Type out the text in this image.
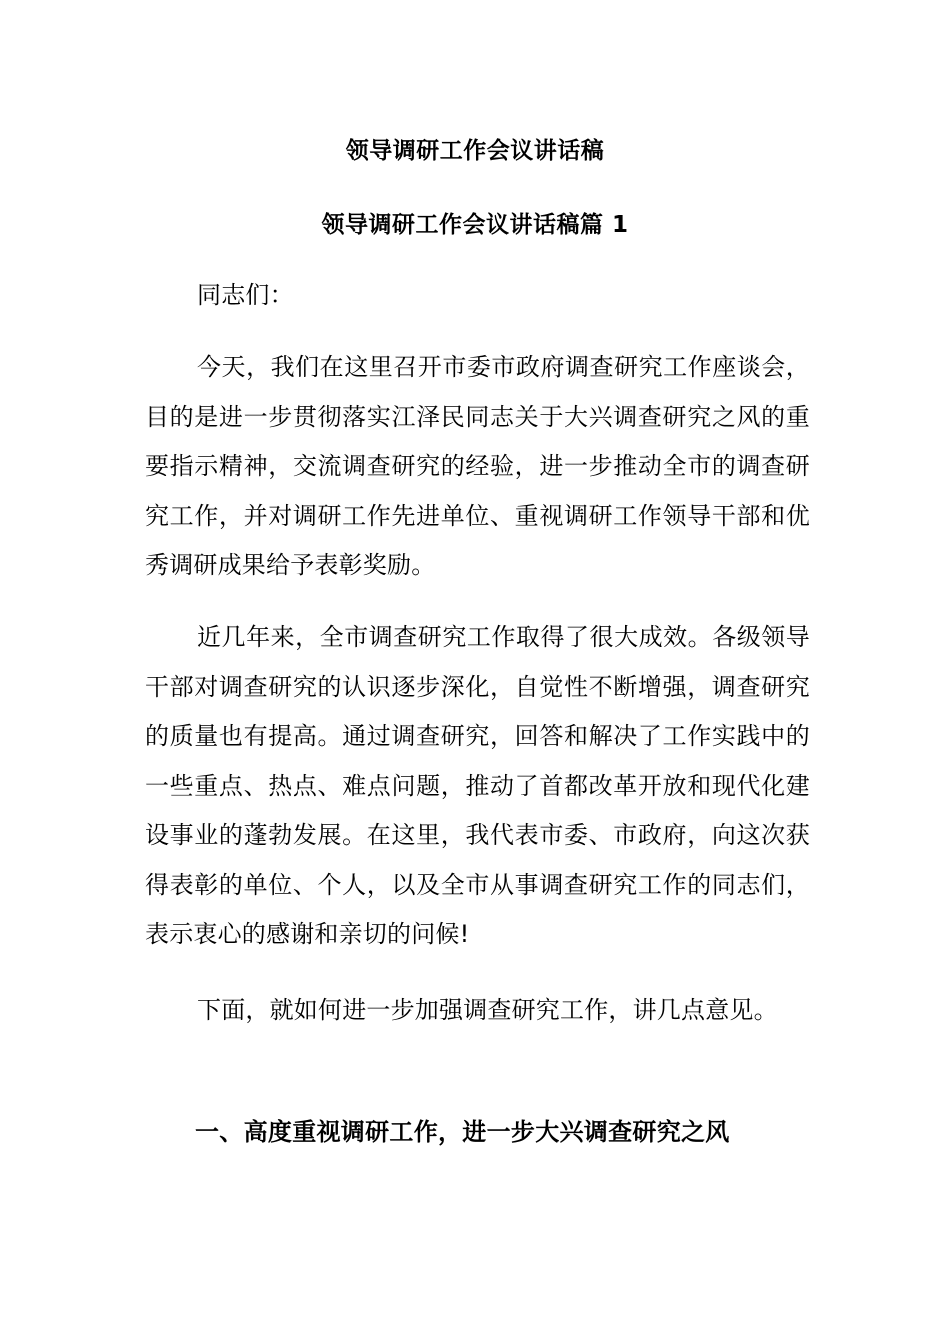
领导调研工作会议讲话稿
领导调研工作会议讲话稿篇 1

同志们：

今天，我们在这里召开市委市政府调查研究工作座谈会，目的是进一步贯彻落实江泽民同志关于大兴调查研究之风的重要指示精神，交流调查研究的经验，进一步推动全市的调查研究工作，并对调研工作先进单位、重视调研工作领导干部和优秀调研成果给予表彰奖励。

近几年来，全市调查研究工作取得了很大成效。各级领导干部对调查研究的认识逐步深化，自觉性不断增强，调查研究的质量也有提高。通过调查研究，回答和解决了工作实践中的一些重点、热点、难点问题，推动了首都改革开放和现代化建设事业的蓬勃发展。在这里，我代表市委、市政府，向这次获得表彰的单位、个人，以及全市从事调查研究工作的同志们，表示衷心的感谢和亲切的问候!

下面，就如何进一步加强调查研究工作，讲几点意见。

一、高度重视调研工作，进一步大兴调查研究之风
